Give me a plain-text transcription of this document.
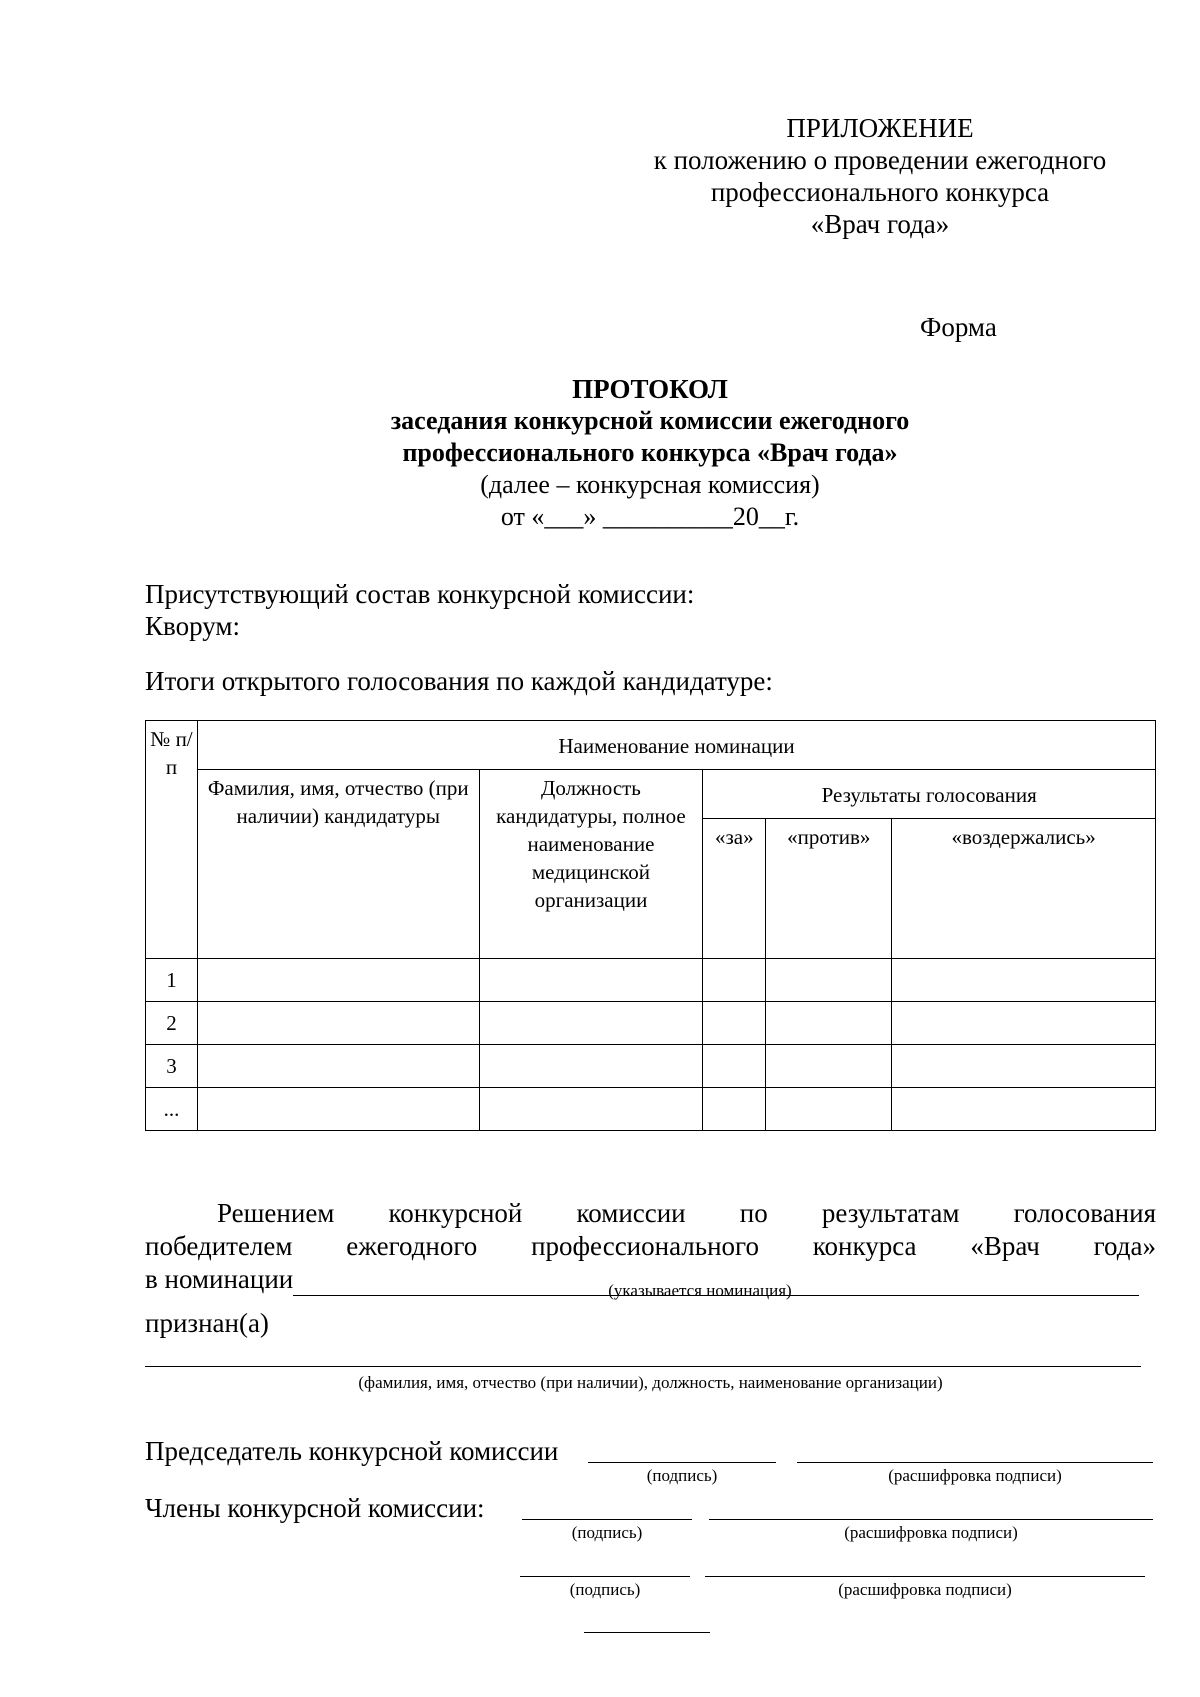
ПРИЛОЖЕНИЕ
к положению о проведении ежегодного
профессионального конкурса
«Врач года»
Форма
ПРОТОКОЛ
заседания конкурсной комиссии ежегодного
профессионального конкурса «Врач года»
(далее – конкурсная комиссия)
от «___» __________20__г.
Присутствующий состав конкурсной комиссии:
Кворум:
Итоги открытого голосования по каждой кандидатуре:
№ п/п	Наименование номинации				
	Фамилия, имя, отчество (при наличии) кандидатуры	Должность кандидатуры, полное наименование медицинской организации	Результаты голосования		
			«за»	«против»	«воздержались»
1					
2					
3					
...					
Решением конкурсной комиссии по результатам голосования
победителем ежегодного профессионального конкурса «Врач года»
в номинации	(указывается номинация)
признан(а)
(фамилия, имя, отчество (при наличии), должность, наименование организации)
Председатель конкурсной комиссии
(подпись)	(расшифровка подписи)
Члены конкурсной комиссии:
(подпись)	(расшифровка подписи)
(подпись)	(расшифровка подписи)
